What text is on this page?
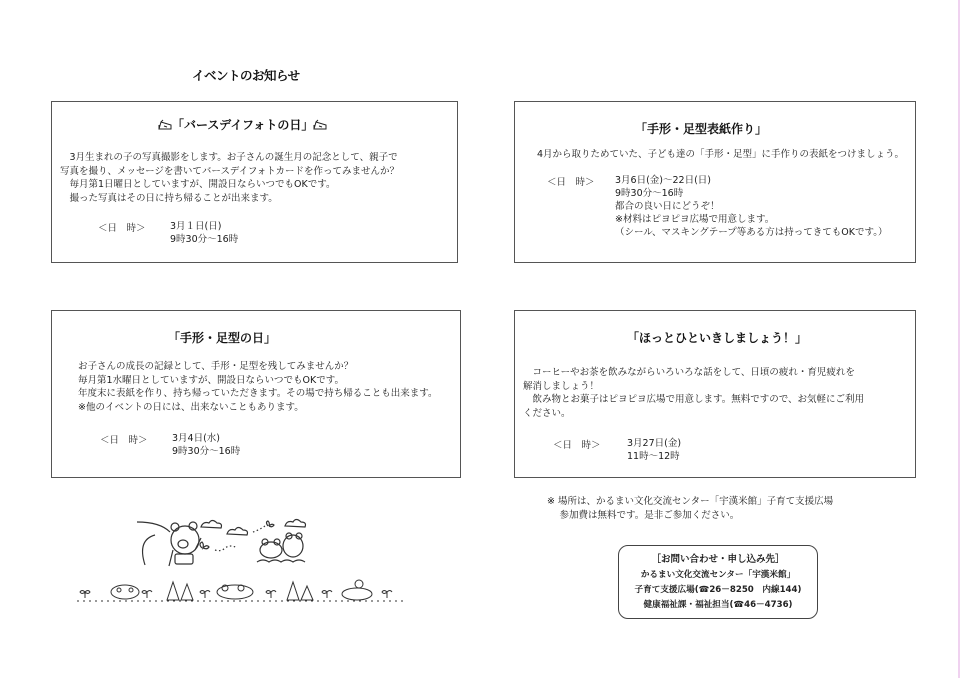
イベントのお知らせ
「バースデイフォトの日」
　3月生まれの子の写真撮影をします。お子さんの誕生月の記念として、親子で
写真を撮り、メッセージを書いてバースデイフォトカードを作ってみませんか？
　毎月第1日曜日としていますが、開設日ならいつでもOKです。
　撮った写真はその日に持ち帰ることが出来ます。
＜日　時＞	3月１日(日)
9時30分～16時
「手形・足型表紙作り」
4月から取りためていた、子ども達の「手形・足型」に手作りの表紙をつけましょう。
＜日　時＞ 3月6日(金)～22日(日)
9時30分～16時
都合の良い日にどうぞ！
※材料はピヨピヨ広場で用意します。
（シール、マスキングテープ等ある方は持ってきてもOKです。）
「手形・足型の日」
お子さんの成長の記録として、手形・足型を残してみませんか？
毎月第1水曜日としていますが、開設日ならいつでもOKです。
年度末に表紙を作り、持ち帰っていただきます。その場で持ち帰ることも出来ます。
※他のイベントの日には、出来ないこともあります。
＜日　時＞	3月4日(水)
9時30分～16時
「ほっとひといきしましょう！」
　コーヒーやお茶を飲みながらいろいろな話をして、日頃の疲れ・育児疲れを
解消しましょう！
　飲み物とお菓子はピヨピヨ広場で用意します。無料ですので、お気軽にご利用
ください。
＜日　時＞	3月27日(金)
11時～12時
※ 場所は、かるまい文化交流センター「宇漢米館」子育て支援広場
　 参加費は無料です。是非ご参加ください。
［お問い合わせ・申し込み先］
かるまい文化交流センター「宇漢米館」
子育て支援広場(☎26－8250　内線144)
健康福祉課・福祉担当(☎46－4736)
